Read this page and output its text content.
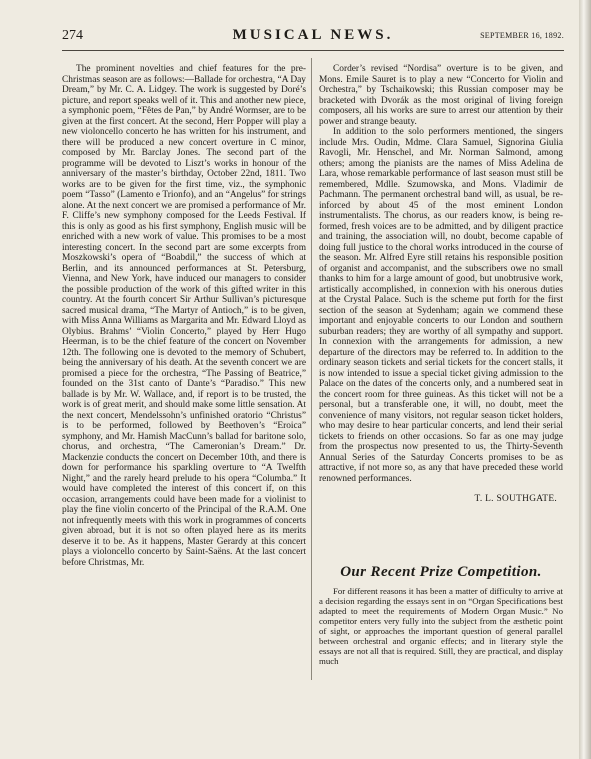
274	MUSICAL NEWS.	SEPTEMBER 16, 1892.

The prominent novelties and chief features for the pre-Christmas season are as follows:—Ballade for orchestra, “A Day Dream,” by Mr. C. A. Lidgey. The work is suggested by Doré’s picture, and report speaks well of it. This and another new piece, a symphonic poem, “Fêtes de Pan,” by André Wormser, are to be given at the first concert. At the second, Herr Popper will play a new violoncello concerto he has written for his instrument, and there will be produced a new concert overture in C minor, composed by Mr. Barclay Jones. The second part of the programme will be devoted to Liszt’s works in honour of the anniversary of the master’s birthday, October 22nd, 1811. Two works are to be given for the first time, viz., the symphonic poem “Tasso” (Lamento e Trionfo), and an “Angelus” for strings alone. At the next concert we are promised a performance of Mr. F. Cliffe’s new symphony composed for the Leeds Festival. If this is only as good as his first symphony, English music will be enriched with a new work of value. This promises to be a most interesting concert. In the second part are some excerpts from Moszkowski’s opera of “Boabdil,” the success of which at Berlin, and its announced performances at St. Petersburg, Vienna, and New York, have induced our managers to consider the possible production of the work of this gifted writer in this country. At the fourth concert Sir Arthur Sullivan’s picturesque sacred musical drama, “The Martyr of Antioch,” is to be given, with Miss Anna Williams as Margarita and Mr. Edward Lloyd as Olybius. Brahms’ “Violin Concerto,” played by Herr Hugo Heerman, is to be the chief feature of the concert on November 12th. The following one is devoted to the memory of Schubert, being the anniversary of his death. At the seventh concert we are promised a piece for the orchestra, “The Passing of Beatrice,” founded on the 31st canto of Dante’s “Paradiso.” This new ballade is by Mr. W. Wallace, and, if report is to be trusted, the work is of great merit, and should make some little sensation. At the next concert, Mendelssohn’s unfinished oratorio “Christus” is to be performed, followed by Beethoven’s “Eroica” symphony, and Mr. Hamish MacCunn’s ballad for baritone solo, chorus, and orchestra, “The Cameronian’s Dream.” Dr. Mackenzie conducts the concert on December 10th, and there is down for performance his sparkling overture to “A Twelfth Night,” and the rarely heard prelude to his opera “Columba.” It would have completed the interest of this concert if, on this occasion, arrangements could have been made for a violinist to play the fine violin concerto of the Principal of the R.A.M. One not infrequently meets with this work in programmes of concerts given abroad, but it is not so often played here as its merits deserve it to be. As it happens, Master Gerardy at this concert plays a violoncello concerto by Saint-Saëns. At the last concert before Christmas, Mr.

Corder’s revised “Nordisa” overture is to be given, and Mons. Emile Sauret is to play a new “Concerto for Violin and Orchestra,” by Tschaikowski; this Russian composer may be bracketed with Dvorák as the most original of living foreign composers, all his works are sure to arrest our attention by their power and strange beauty.

In addition to the solo performers mentioned, the singers include Mrs. Oudin, Mdme. Clara Samuel, Signorina Giulia Ravogli, Mr. Henschel, and Mr. Norman Salmond, among others; among the pianists are the names of Miss Adelina de Lara, whose remarkable performance of last season must still be remembered, Mdlle. Szumowska, and Mons. Vladimir de Pachmann. The permanent orchestral band will, as usual, be re-inforced by about 45 of the most eminent London instrumentalists. The chorus, as our readers know, is being re-formed, fresh voices are to be admitted, and by diligent practice and training, the association will, no doubt, become capable of doing full justice to the choral works introduced in the course of the season. Mr. Alfred Eyre still retains his responsible position of organist and accompanist, and the subscribers owe no small thanks to him for a large amount of good, but unobtrusive work, artistically accomplished, in connexion with his onerous duties at the Crystal Palace. Such is the scheme put forth for the first section of the season at Sydenham; again we commend these important and enjoyable concerts to our London and southern suburban readers; they are worthy of all sympathy and support. In connexion with the arrangements for admission, a new departure of the directors may be referred to. In addition to the ordinary season tickets and serial tickets for the concert stalls, it is now intended to issue a special ticket giving admission to the Palace on the dates of the concerts only, and a numbered seat in the concert room for three guineas. As this ticket will not be a personal, but a transferable one, it will, no doubt, meet the convenience of many visitors, not regular season ticket holders, who may desire to hear particular concerts, and lend their serial tickets to friends on other occasions. So far as one may judge from the prospectus now presented to us, the Thirty-Seventh Annual Series of the Saturday Concerts promises to be as attractive, if not more so, as any that have preceded these world renowned performances.

T. L. SOUTHGATE.
Our Recent Prize Competition.

For different reasons it has been a matter of difficulty to arrive at a decision regarding the essays sent in on “Organ Specifications best adapted to meet the requirements of Modern Organ Music.” No competitor enters very fully into the subject from the æsthetic point of sight, or approaches the important question of general parallel between orchestral and organic effects; and in literary style the essays are not all that is required. Still, they are practical, and display much
